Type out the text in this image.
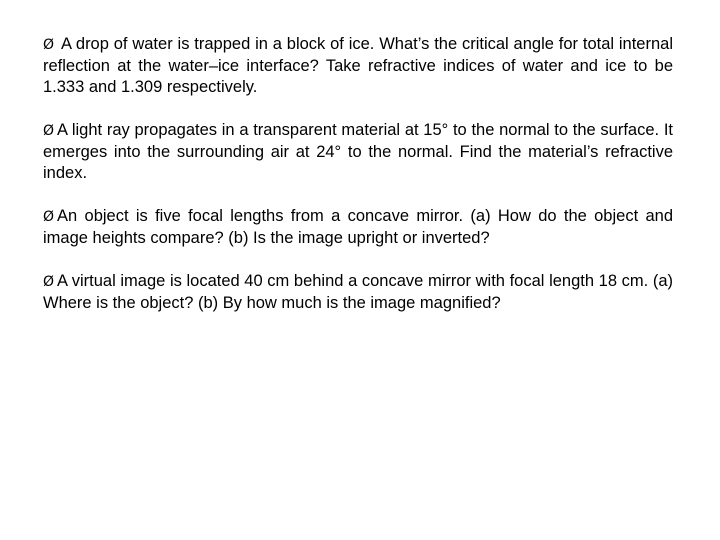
Ø A drop of water is trapped in a block of ice. What’s the critical angle for total internal reflection at the water–ice interface? Take refractive indices of water and ice to be 1.333 and 1.309 respectively.
Ø A light ray propagates in a transparent material at 15° to the normal to the surface. It emerges into the surrounding air at 24° to the normal. Find the material’s refractive index.
Ø An object is five focal lengths from a concave mirror. (a) How do the object and image heights compare? (b) Is the image upright or inverted?
Ø A virtual image is located 40 cm behind a concave mirror with focal length 18 cm. (a) Where is the object? (b) By how much is the image magnified?
